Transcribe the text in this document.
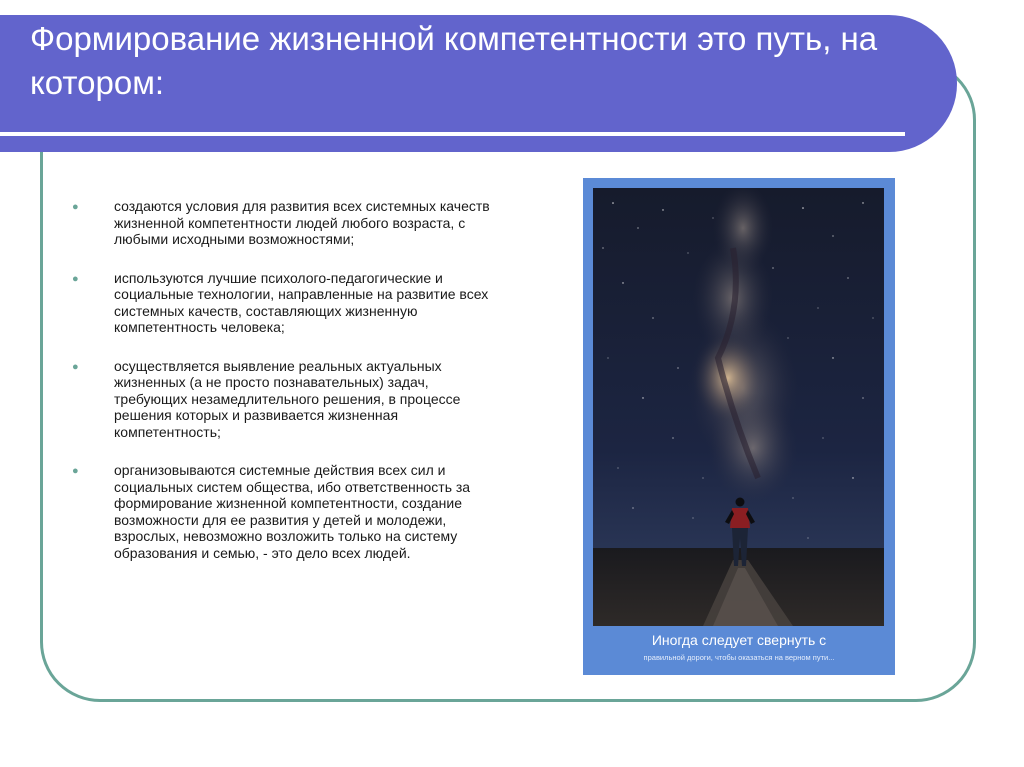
Формирование жизненной компетентности это путь, на котором:
●	создаются условия для развития всех системных качеств жизненной компетентности людей любого возраста, с любыми исходными возможностями;
●	используются лучшие психолого-педагогические и социальные технологии, направленные на развитие всех системных качеств, составляющих жизненную компетентность человека;
●	осуществляется выявление реальных актуальных жизненных (а не просто познавательных) задач, требующих незамедлительного решения, в процессе решения которых и развивается жизненная компетентность;
●	организовываются системные действия всех сил и социальных систем общества, ибо ответственность за формирование жизненной компетентности, создание возможности для ее развития у детей и молодежи, взрослых, невозможно возложить только на систему образования и семью, - это дело всех людей.
Иногда следует свернуть с
правильной дороги, чтобы оказаться на верном пути...
